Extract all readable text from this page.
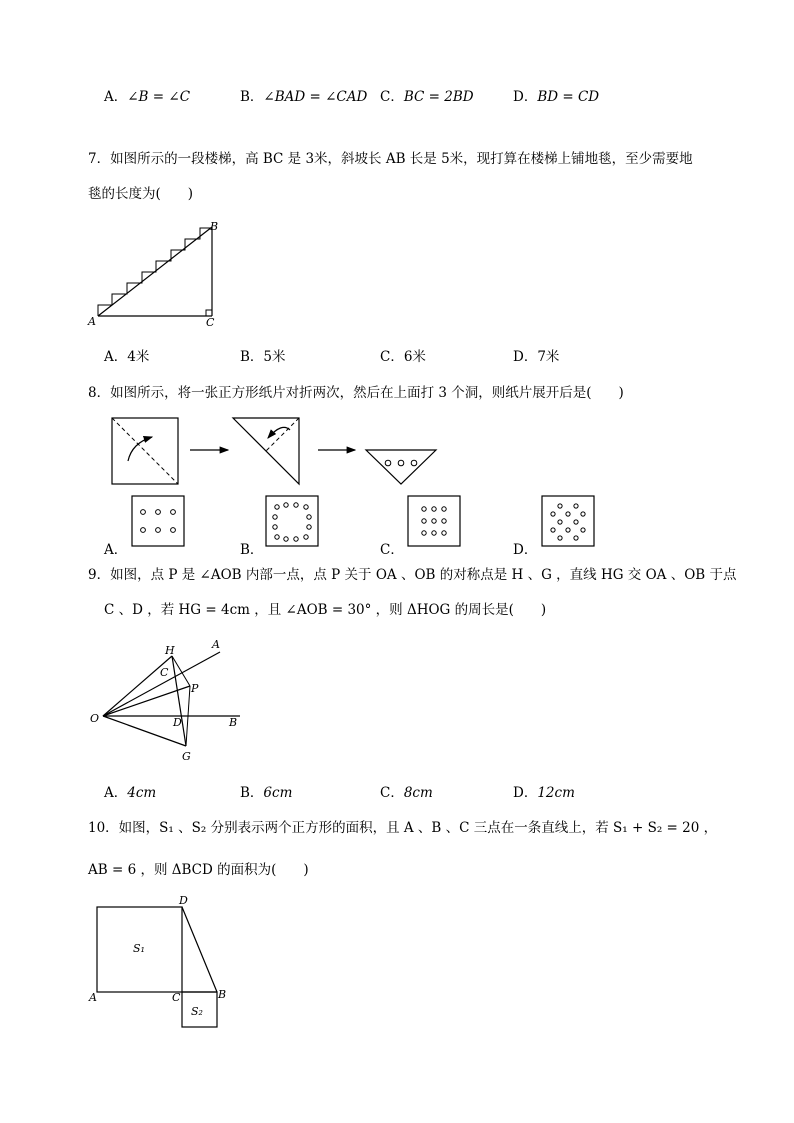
A．∠B = ∠C	B．∠BAD = ∠CAD C．BC = 2BD	D．BD = CD
7．如图所示的一段楼梯，高 BC 是 3米，斜坡长 AB 长是 5米，现打算在楼梯上铺地毯，至少需要地
毯的长度为(　　)
A
B
C
A．4米	B．5米	C．6米	D．7米
8．如图所示，将一张正方形纸片对折两次，然后在上面打 3 个洞，则纸片展开后是(　　)
A．	B．	C．	D．
9．如图，点 P 是 ∠AOB 内部一点，点 P 关于 OA 、OB 的对称点是 H 、G ，直线 HG 交 OA 、OB 于点
C 、D ，若 HG = 4cm ，且 ∠AOB = 30° ，则 ΔHOG 的周长是(　　)
H	A
C
P
O	D	B
G
A．4cm	B．6cm	C．8cm	D．12cm
10．如图，S₁ 、S₂ 分别表示两个正方形的面积，且 A 、B 、C 三点在一条直线上，若 S₁ + S₂ = 20 ，
AB = 6 ，则 ΔBCD 的面积为(　　)
D
S₁
A	C	B
S₂
